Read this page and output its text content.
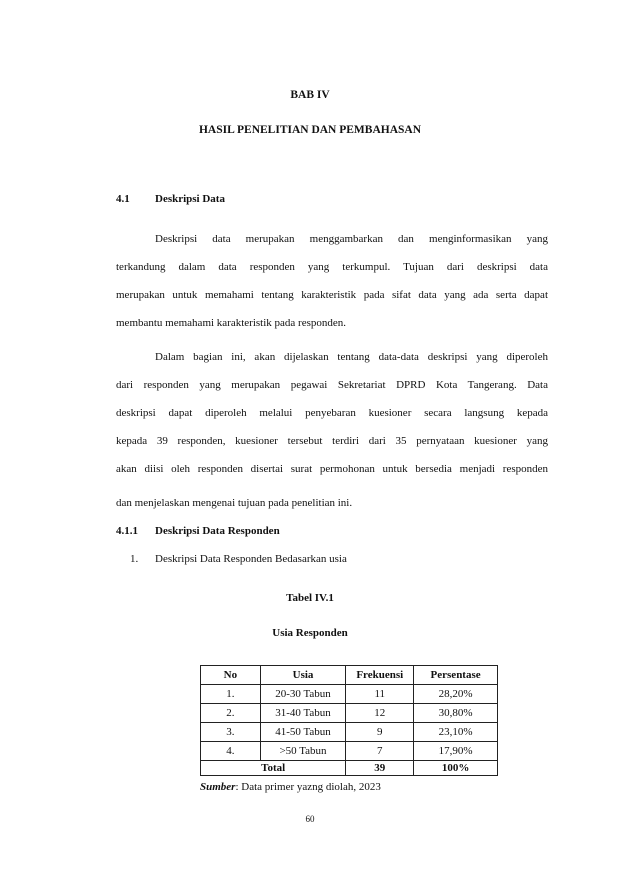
BAB IV
HASIL PENELITIAN DAN PEMBAHASAN
4.1 Deskripsi Data
Deskripsi data merupakan menggambarkan dan menginformasikan yang
terkandung dalam data responden yang terkumpul. Tujuan dari deskripsi data
merupakan untuk memahami tentang karakteristik pada sifat data yang ada serta dapat
membantu memahami karakteristik pada responden.
Dalam bagian ini, akan dijelaskan tentang data-data deskripsi yang diperoleh
dari responden yang merupakan pegawai Sekretariat DPRD Kota Tangerang. Data
deskripsi dapat diperoleh melalui penyebaran kuesioner secara langsung kepada
kepada 39 responden, kuesioner tersebut terdiri dari 35 pernyataan kuesioner yang
akan diisi oleh responden disertai surat permohonan untuk bersedia menjadi responden
dan menjelaskan mengenai tujuan pada penelitian ini.
4.1.1 Deskripsi Data Responden
1. Deskripsi Data Responden Bedasarkan usia
Tabel IV.1
Usia Responden
No	Usia	Frekuensi	Persentase
1.	20-30 Tabun	11	28,20%
2.	31-40 Tabun	12	30,80%
3.	41-50 Tabun	9	23,10%
4.	>50 Tabun	7	17,90%
Total		39	100%
Sumber: Data primer yazng diolah, 2023
60
